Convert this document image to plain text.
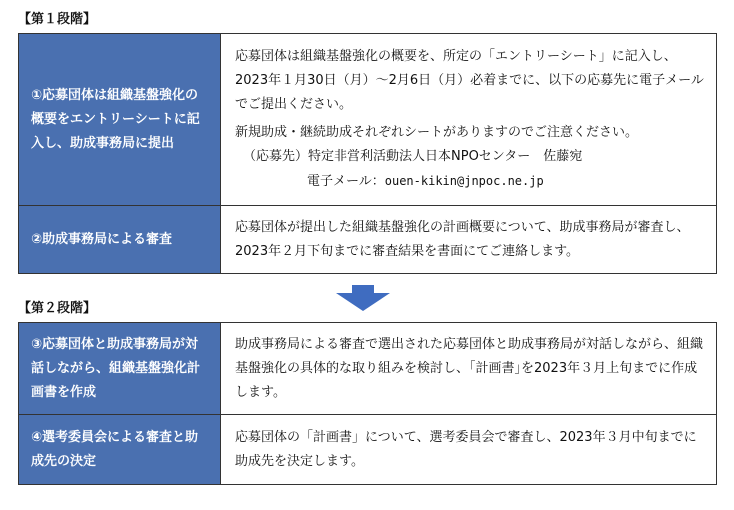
【第１段階】
①応募団体は組織基盤強化の概要をエントリーシートに記入し、助成事務局に提出

応募団体は組織基盤強化の概要を、所定の「エントリーシート」に記入し、2023年１月30日（月）～2月6日（月）必着までに、以下の応募先に電子メールでご提出ください。

新規助成・継続助成それぞれシートがありますのでご注意ください。

（応募先）特定非営利活動法人日本NPOセンター　佐藤宛

電子メール：ouen-kikin@jnpoc.ne.jp

②助成事務局による審査

応募団体が提出した組織基盤強化の計画概要について、助成事務局が審査し、2023年２月下旬までに審査結果を書面にてご連絡します。

【第２段階】
③応募団体と助成事務局が対話しながら、組織基盤強化計画書を作成

助成事務局による審査で選出された応募団体と助成事務局が対話しながら、組織基盤強化の具体的な取り組みを検討し、｢計画書｣を2023年３月上旬までに作成します。

④選考委員会による審査と助成先の決定

応募団体の「計画書」について、選考委員会で審査し、2023年３月中旬までに助成先を決定します。
